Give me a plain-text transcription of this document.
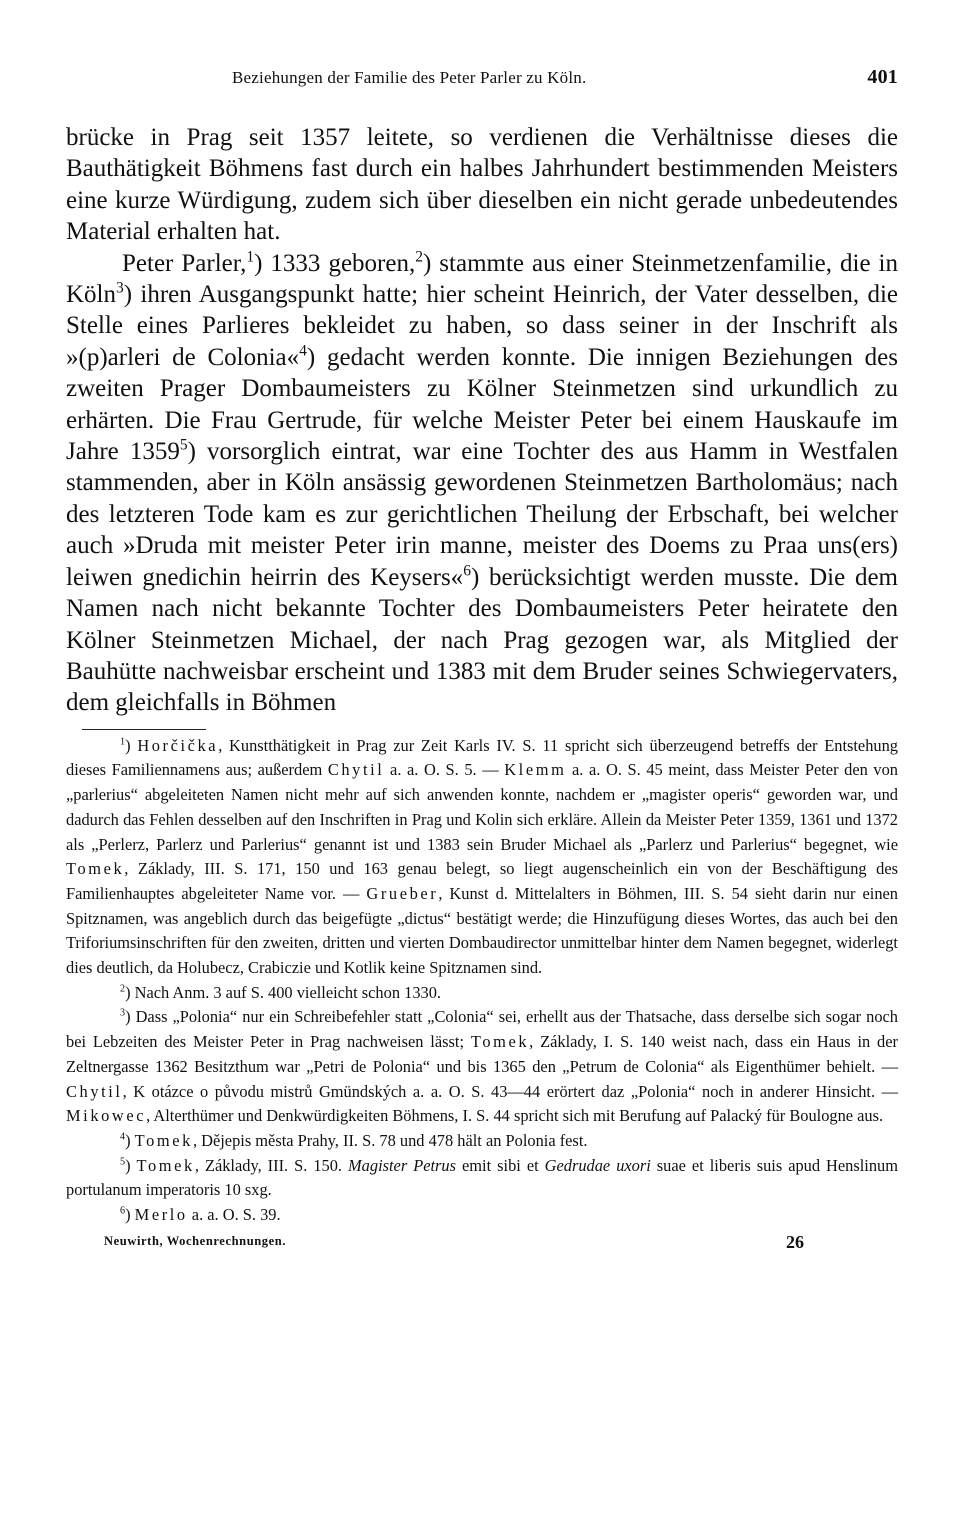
Beziehungen der Familie des Peter Parler zu Köln.	401

brücke in Prag seit 1357 leitete, so verdienen die Verhältnisse dieses die Bauthätigkeit Böhmens fast durch ein halbes Jahrhundert bestimmenden Meisters eine kurze Würdigung, zudem sich über dieselben ein nicht gerade unbedeutendes Material erhalten hat.

Peter Parler,$^1$) 1333 geboren,$^2$) stammte aus einer Steinmetzenfamilie, die in Köln$^3$) ihren Ausgangspunkt hatte; hier scheint Heinrich, der Vater desselben, die Stelle eines Parlieres bekleidet zu haben, so dass seiner in der Inschrift als »(p)arleri de Colonia«$^4$) gedacht werden konnte. Die innigen Beziehungen des zweiten Prager Dombaumeisters zu Kölner Steinmetzen sind urkundlich zu erhärten. Die Frau Gertrude, für welche Meister Peter bei einem Hauskaufe im Jahre 1359$^5$) vorsorglich eintrat, war eine Tochter des aus Hamm in Westfalen stammenden, aber in Köln ansässig gewordenen Steinmetzen Bartholomäus; nach des letzteren Tode kam es zur gerichtlichen Theilung der Erbschaft, bei welcher auch »Druda mit meister Peter irin manne, meister des Doems zu Praa uns(ers) leiwen gnedichin heirrin des Keysers«$^6$) berücksichtigt werden musste. Die dem Namen nach nicht bekannte Tochter des Dombaumeisters Peter heiratete den Kölner Steinmetzen Michael, der nach Prag gezogen war, als Mitglied der Bauhütte nachweisbar erscheint und 1383 mit dem Bruder seines Schwiegervaters, dem gleichfalls in Böhmen

$^1$) Horčička, Kunstthätigkeit in Prag zur Zeit Karls IV. S. 11 spricht sich überzeugend betreffs der Entstehung dieses Familiennamens aus; außerdem Chytil a. a. O. S. 5. — Klemm a. a. O. S. 45 meint, dass Meister Peter den von „parlerius“ abgeleiteten Namen nicht mehr auf sich anwenden konnte, nachdem er „magister operis“ geworden war, und dadurch das Fehlen desselben auf den Inschriften in Prag und Kolin sich erkläre. Allein da Meister Peter 1359, 1361 und 1372 als „Perlerz, Parlerz und Parlerius“ genannt ist und 1383 sein Bruder Michael als „Parlerz und Parlerius“ begegnet, wie Tomek, Základy, III. S. 171, 150 und 163 genau belegt, so liegt augenscheinlich ein von der Beschäftigung des Familienhauptes abgeleiteter Name vor. — Grueber, Kunst d. Mittelalters in Böhmen, III. S. 54 sieht darin nur einen Spitznamen, was angeblich durch das beigefügte „dictus“ bestätigt werde; die Hinzufügung dieses Wortes, das auch bei den Triforiumsinschriften für den zweiten, dritten und vierten Dombaudirector unmittelbar hinter dem Namen begegnet, widerlegt dies deutlich, da Holubecz, Crabiczie und Kotlik keine Spitznamen sind.

$^2$) Nach Anm. 3 auf S. 400 vielleicht schon 1330.

$^3$) Dass „Polonia“ nur ein Schreibefehler statt „Colonia“ sei, erhellt aus der Thatsache, dass derselbe sich sogar noch bei Lebzeiten des Meister Peter in Prag nachweisen lässt; Tomek, Základy, I. S. 140 weist nach, dass ein Haus in der Zeltnergasse 1362 Besitzthum war „Petri de Polonia“ und bis 1365 den „Petrum de Colonia“ als Eigenthümer behielt. — Chytil, K otázce o původu mistrů Gmündských a. a. O. S. 43—44 erörtert daz „Polonia“ noch in anderer Hinsicht. — Mikowec, Alterthümer und Denkwürdigkeiten Böhmens, I. S. 44 spricht sich mit Berufung auf Palacký für Boulogne aus.

$^4$) Tomek, Dějepis města Prahy, II. S. 78 und 478 hält an Polonia fest.

$^5$) Tomek, Základy, III. S. 150. Magister Petrus emit sibi et Gedrudae uxori suae et liberis suis apud Henslinum portulanum imperatoris 10 sxg.

$^6$) Merlo a. a. O. S. 39.

Neuwirth, Wochenrechnungen.	26
